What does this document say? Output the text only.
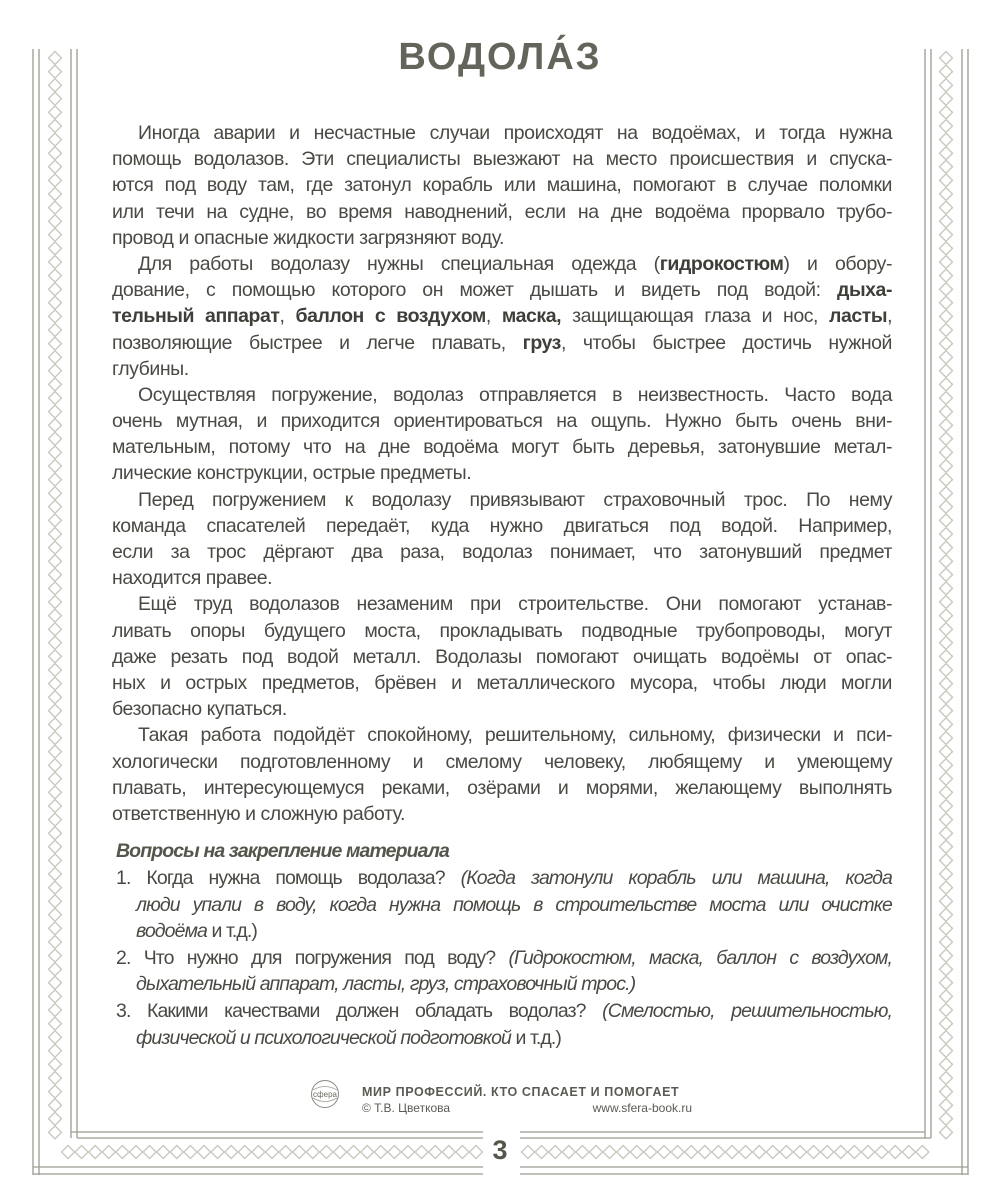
ВОДОЛА́З
Иногда аварии и несчастные случаи происходят на водоёмах, и тогда нужна
помощь водолазов. Эти специалисты выезжают на место происшествия и спуска-
ются под воду там, где затонул корабль или машина, помогают в случае поломки
или течи на судне, во время наводнений, если на дне водоёма прорвало трубо-
провод и опасные жидкости загрязняют воду.
Для работы водолазу нужны специальная одежда (гидрокостюм) и обору-
дование, с помощью которого он может дышать и видеть под водой: дыха-
тельный аппарат, баллон с воздухом, маска, защищающая глаза и нос, ласты,
позволяющие быстрее и легче плавать, груз, чтобы быстрее достичь нужной
глубины.
Осуществляя погружение, водолаз отправляется в неизвестность. Часто вода
очень мутная, и приходится ориентироваться на ощупь. Нужно быть очень вни-
мательным, потому что на дне водоёма могут быть деревья, затонувшие метал-
лические конструкции, острые предметы.
Перед погружением к водолазу привязывают страховочный трос. По нему
команда спасателей передаёт, куда нужно двигаться под водой. Например,
если за трос дёргают два раза, водолаз понимает, что затонувший предмет
находится правее.
Ещё труд водолазов незаменим при строительстве. Они помогают устанав-
ливать опоры будущего моста, прокладывать подводные трубопроводы, могут
даже резать под водой металл. Водолазы помогают очищать водоёмы от опас-
ных и острых предметов, брёвен и металлического мусора, чтобы люди могли
безопасно купаться.
Такая работа подойдёт спокойному, решительному, сильному, физически и пси-
хологически подготовленному и смелому человеку, любящему и умеющему
плавать, интересующемуся реками, озёрами и морями, желающему выполнять
ответственную и сложную работу.
Вопросы на закрепление материала
1. Когда нужна помощь водолаза? (Когда затонули корабль или машина, когда
люди упали в воду, когда нужна помощь в строительстве моста или очистке
водоёма и т.д.)
2. Что нужно для погружения под воду? (Гидрокостюм, маска, баллон с воздухом,
дыхательный аппарат, ласты, груз, страховочный трос.)
3. Какими качествами должен обладать водолаз? (Смелостью, решительностью,
физической и психологической подготовкой и т.д.)
сфера МИР ПРОФЕССИЙ. КТО СПАСАЕТ И ПОМОГАЕТ
© Т.В. Цветкова	www.sfera-book.ru
3
